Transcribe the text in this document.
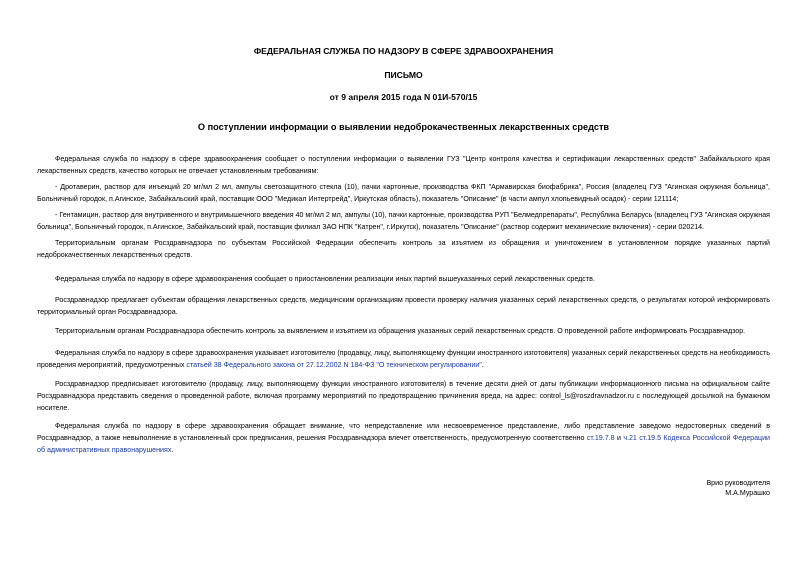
ФЕДЕРАЛЬНАЯ СЛУЖБА ПО НАДЗОРУ В СФЕРЕ ЗДРАВООХРАНЕНИЯ
ПИСЬМО
от 9 апреля 2015 года N 01И-570/15
О поступлении информации о выявлении недоброкачественных лекарственных средств

Федеральная служба по надзору в сфере здравоохранения сообщает о поступлении информации о выявлении ГУЗ "Центр контроля качества и сертификации лекарственных средств" Забайкальского края лекарственных средств, качество которых не отвечает установленным требованиям:

- Дротаверин, раствор для инъекций 20 мг/мл 2 мл, ампулы светозащитного стекла (10), пачки картонные, производства ФКП "Армавирская биофабрика", Россия (владелец ГУЗ "Агинская окружная больница", Больничный городок, п.Агинское, Забайкальский край, поставщик ООО "Медикал Интертрейд", Иркутская область), показатель "Описание" (в части ампул хлопьевидный осадок) - серии 121114;

- Гентамицин, раствор для внутривенного и внутримышечного введения 40 мг/мл 2 мл, ампулы (10), пачки картонные, производства РУП "Белмедпрепараты", Республика Беларусь (владелец ГУЗ "Агинская окружная больница", Больничный городок, п.Агинское, Забайкальский край, поставщик филиал ЗАО НПК "Катрен", г.Иркутск), показатель "Описание" (раствор содержит механические включения) - серии 020214.

Территориальным органам Росздравнадзора по субъектам Российской Федерации обеспечить контроль за изъятием из обращения и уничтожением в установленном порядке указанных партий недоброкачественных лекарственных средств.

Федеральная служба по надзору в сфере здравоохранения сообщает о приостановлении реализации иных партий вышеуказанных серий лекарственных средств.

Росздравнадзор предлагает субъектам обращения лекарственных средств, медицинским организациям провести проверку наличия указанных серий лекарственных средств, о результатах которой информировать территориальный орган Росздравнадзора.

Территориальным органам Росздравнадзора обеспечить контроль за выявлением и изъятием из обращения указанных серий лекарственных средств. О проведенной работе информировать Росздравнадзор.

Федеральная служба по надзору в сфере здравоохранения указывает изготовителю (продавцу, лицу, выполняющему функции иностранного изготовителя) указанных серий лекарственных средств на необходимость проведения мероприятий, предусмотренных статьей 38 Федерального закона от 27.12.2002 N 184-ФЗ "О техническом регулировании".

Росздравнадзор предписывает изготовителю (продавцу, лицу, выполняющему функции иностранного изготовителя) в течение десяти дней от даты публикации информационного письма на официальном сайте Росздравнадзора представить сведения о проведенной работе, включая программу мероприятий по предотвращению причинения вреда, на адрес: control_ls@roszdravnadzor.ru с последующей досылкой на бумажном носителе.

Федеральная служба по надзору в сфере здравоохранения обращает внимание, что непредставление или несвоевременное представление, либо представление заведомо недостоверных сведений в Росздравнадзор, а также невыполнение в установленный срок предписания, решения Росздравнадзора влечет ответственность, предусмотренную соответственно ст.19.7.8 и ч.21 ст.19.5 Кодекса Российской Федерации об административных правонарушениях.

Врио руководителя
М.А.Мурашко
